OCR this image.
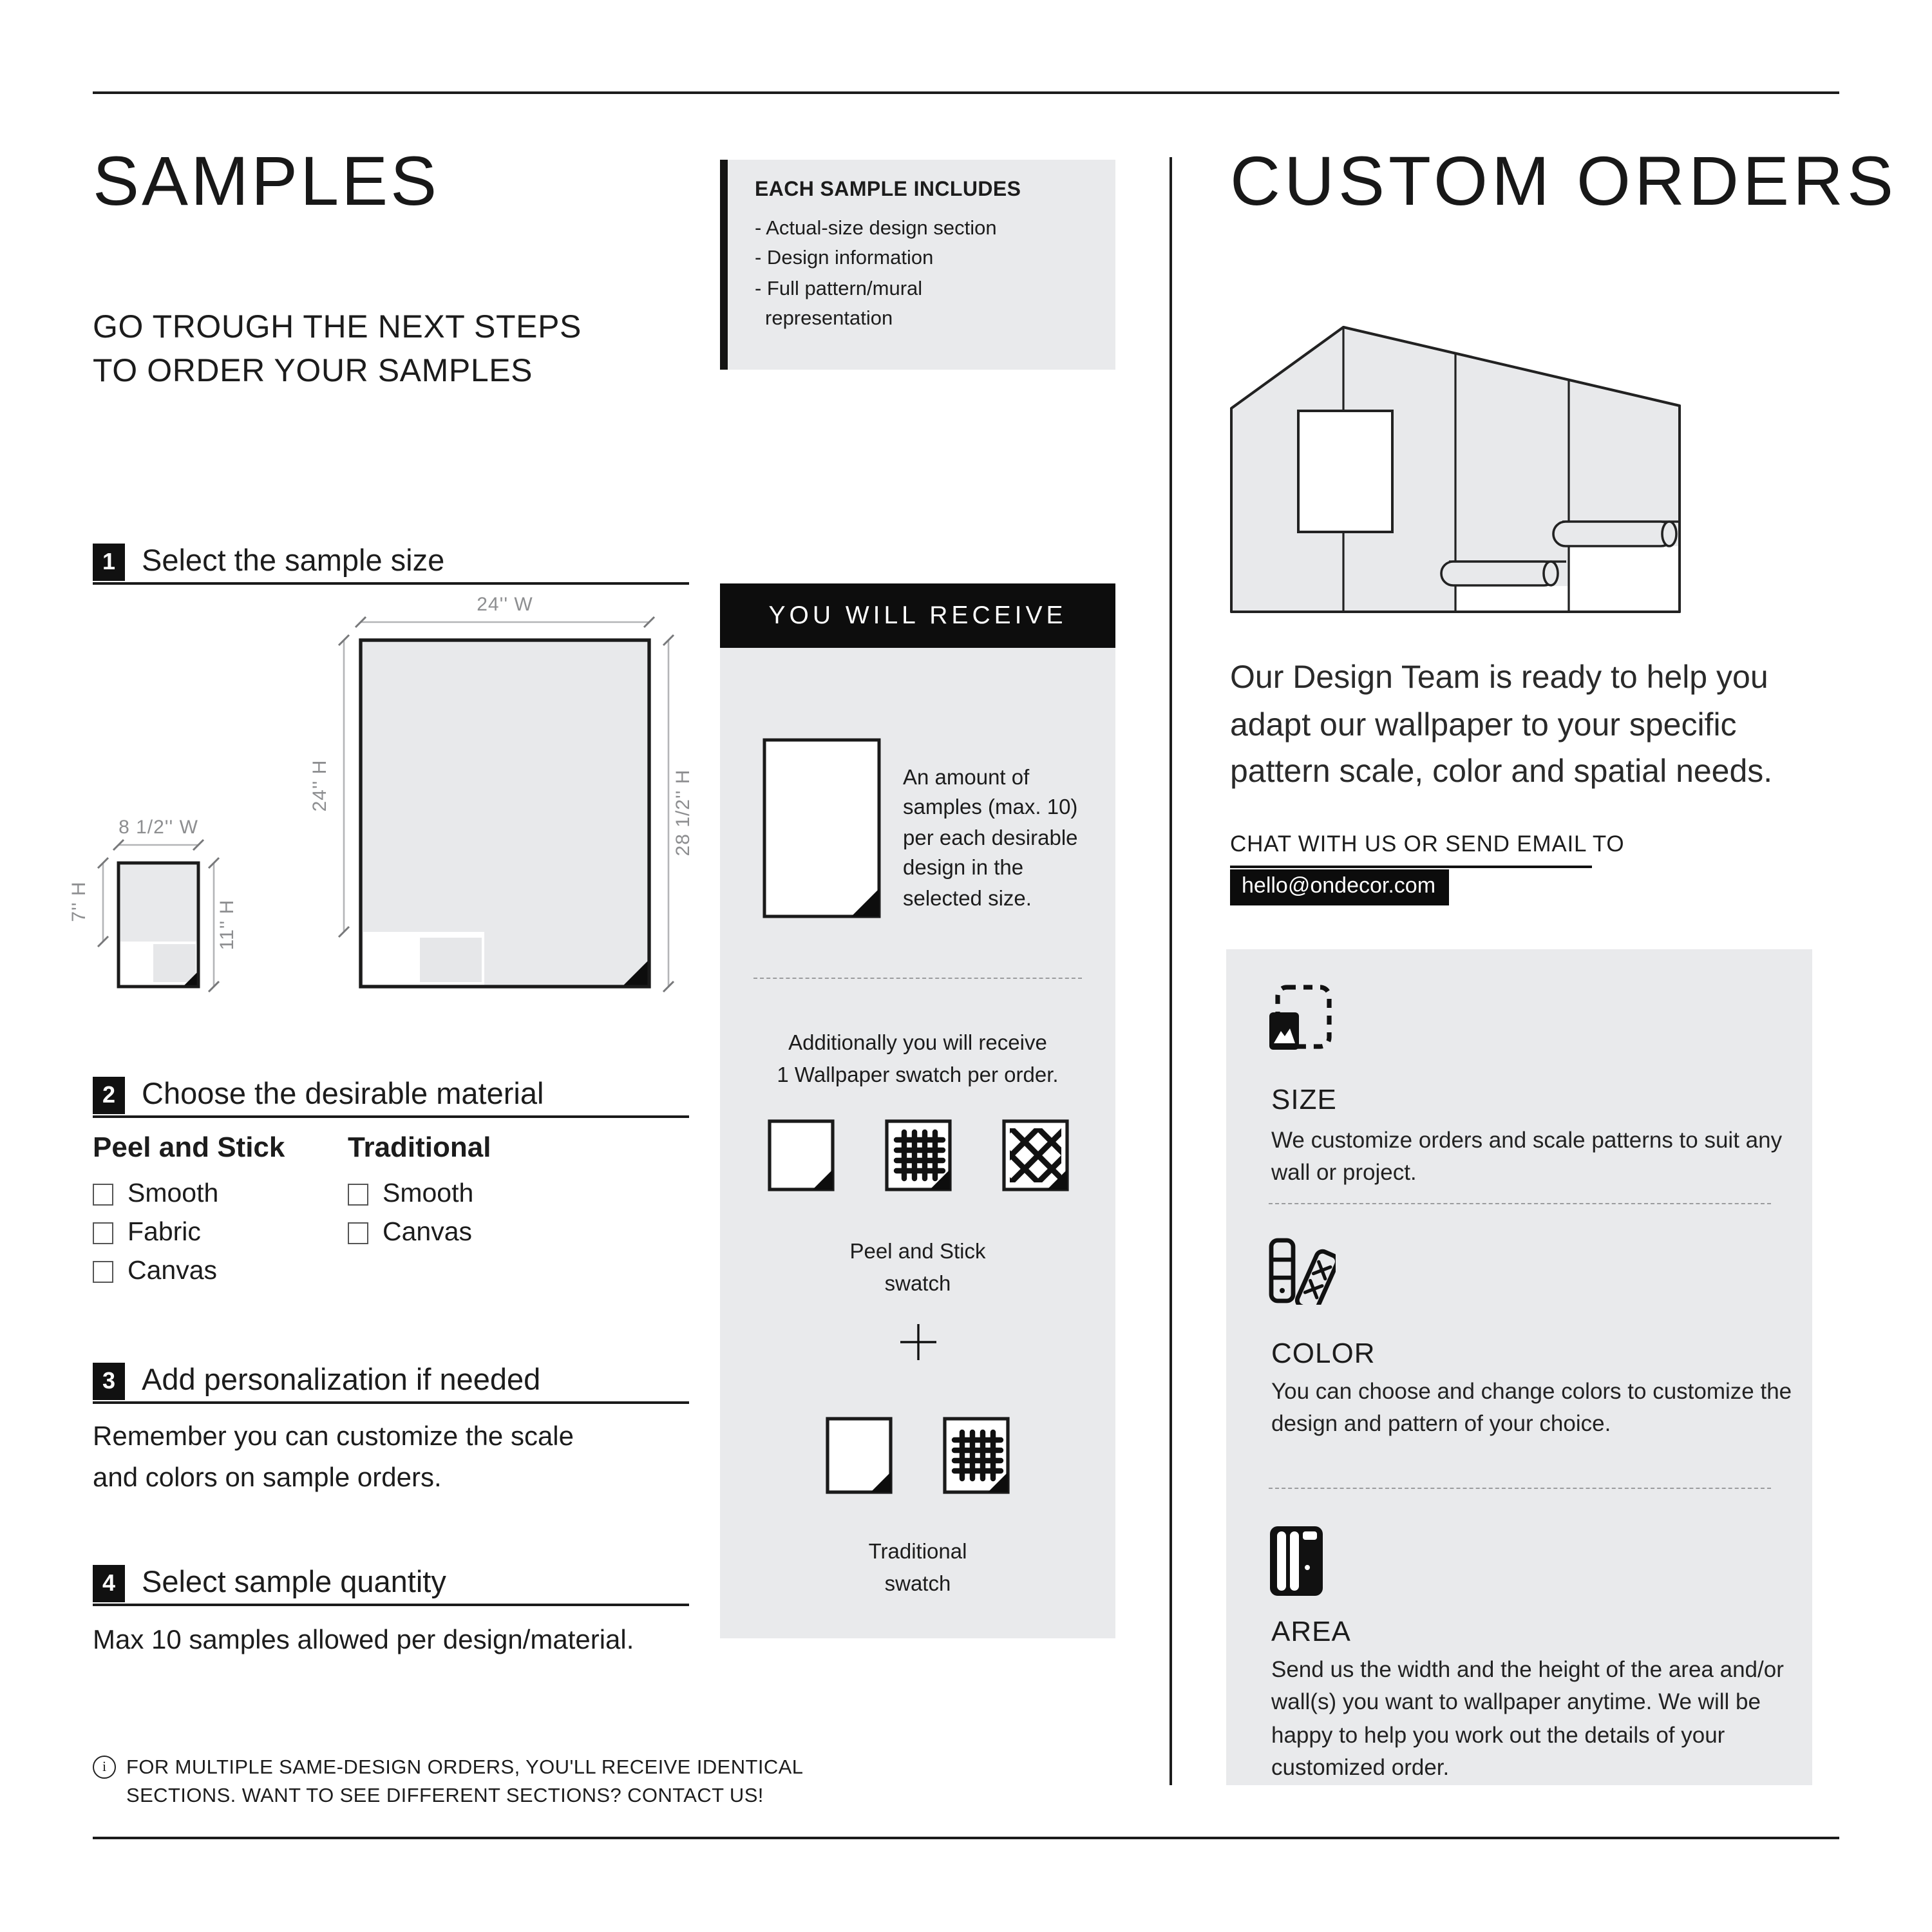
SAMPLES
GO TROUGH THE NEXT STEPS
TO ORDER YOUR SAMPLES
EACH SAMPLE INCLUDES
- Actual-size design section
- Design information
- Full pattern/mural
representation
1	Select the sample size
24'' W
24'' H	28 1/2'' H
8 1/2'' W
7'' H	11'' H
2	Choose the desirable material
Peel and Stick
Smooth
Fabric
Canvas
Traditional
Smooth
Canvas
3	Add personalization if needed
Remember you can customize the scale and colors on sample orders.
4	Select sample quantity
Max 10 samples allowed per design/material.
i	FOR MULTIPLE SAME-DESIGN ORDERS, YOU'LL RECEIVE IDENTICAL
SECTIONS. WANT TO SEE DIFFERENT SECTIONS? CONTACT US!
YOU WILL RECEIVE
An amount of samples (max. 10) per each desirable design in the selected size.
Additionally you will receive
1 Wallpaper swatch per order.
Peel and Stick
swatch
Traditional
swatch
CUSTOM ORDERS
Our Design Team is ready to help you adapt our wallpaper to your specific pattern scale, color and spatial needs.
CHAT WITH US OR SEND EMAIL TO
hello@ondecor.com
SIZE
We customize orders and scale patterns to suit any wall or project.
COLOR
You can choose and change colors to customize the design and pattern of your choice.
AREA
Send us the width and the height of the area and/or wall(s) you want to wallpaper anytime. We will be happy to help you work out the details of your customized order.
